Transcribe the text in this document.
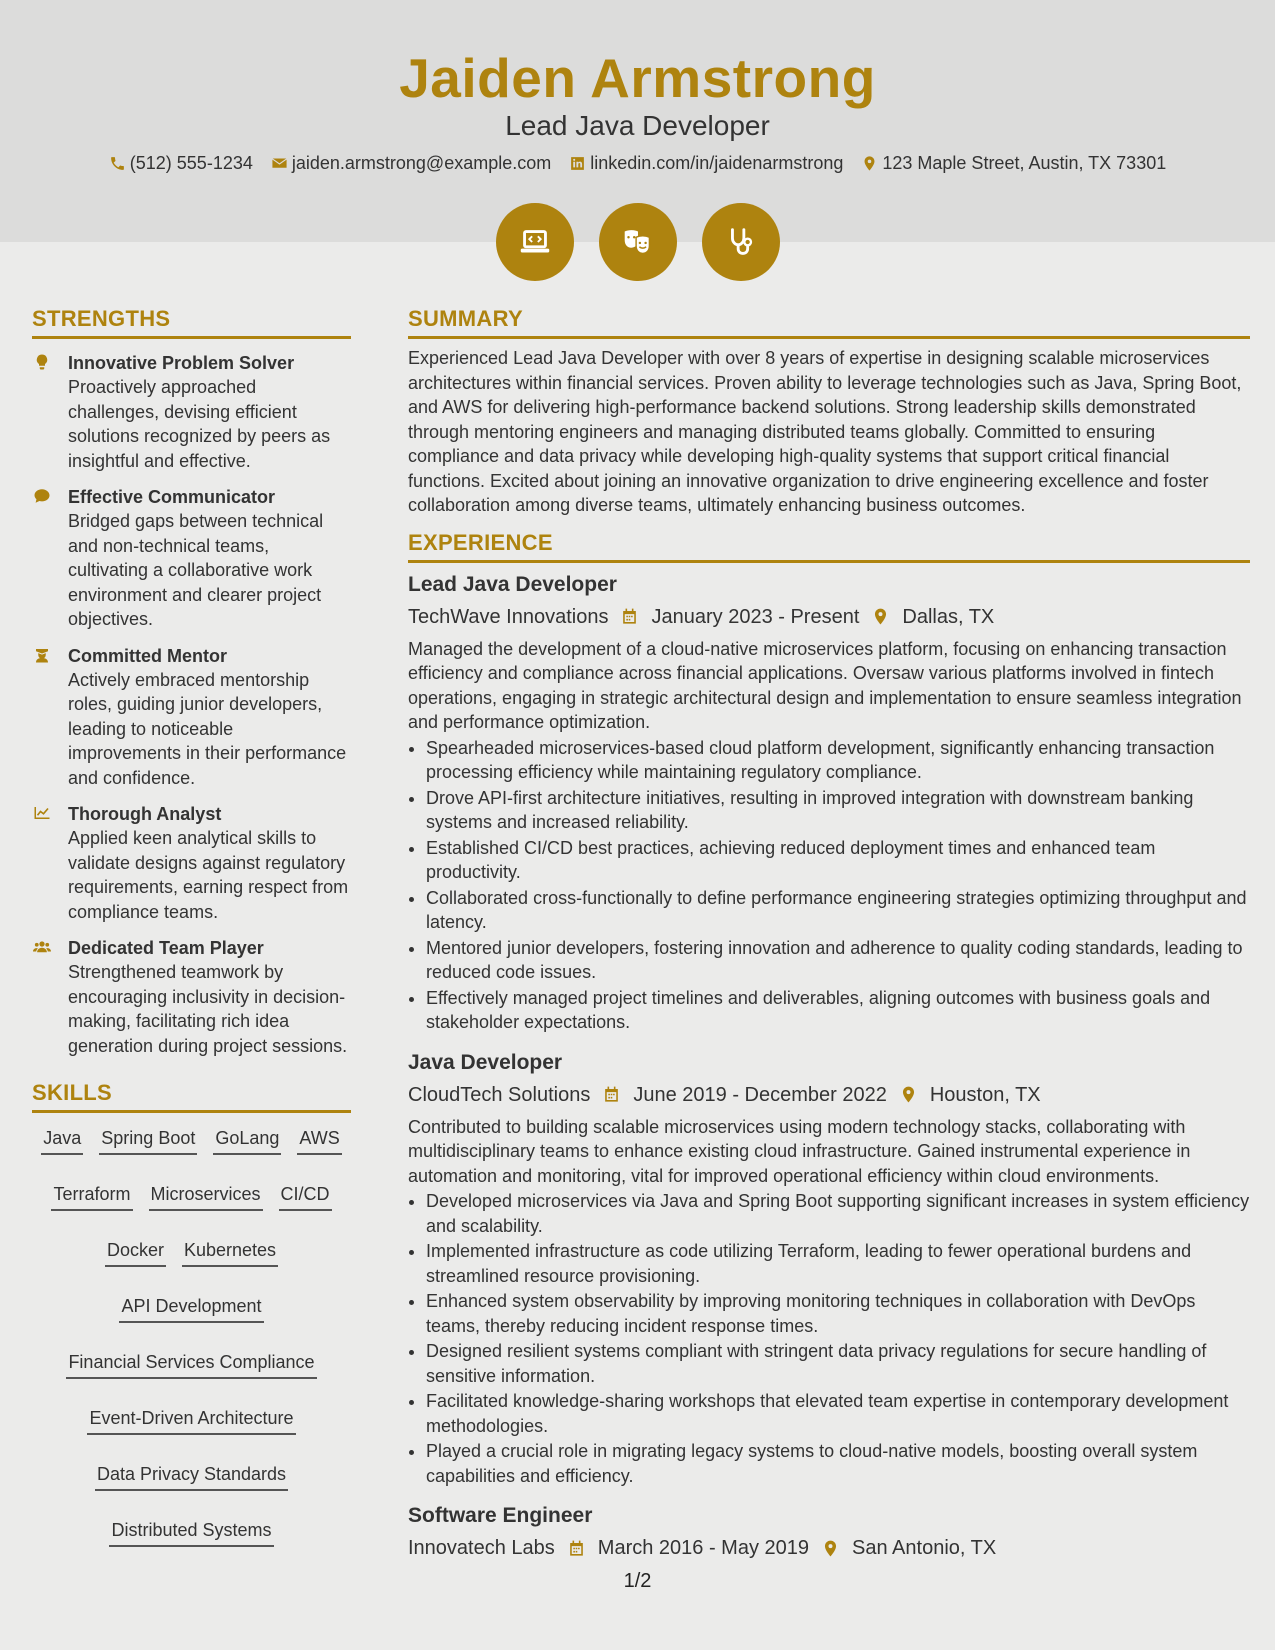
Jaiden Armstrong
Lead Java Developer
(512) 555-1234 jaiden.armstrong@example.com linkedin.com/in/jaidenarmstrong 123 Maple Street, Austin, TX 73301
STRENGTHS
Innovative Problem Solver
Proactively approached challenges, devising efficient solutions recognized by peers as insightful and effective.
Effective Communicator
Bridged gaps between technical and non-technical teams, cultivating a collaborative work environment and clearer project objectives.
Committed Mentor
Actively embraced mentorship roles, guiding junior developers, leading to noticeable improvements in their performance and confidence.
Thorough Analyst
Applied keen analytical skills to validate designs against regulatory requirements, earning respect from compliance teams.
Dedicated Team Player
Strengthened teamwork by encouraging inclusivity in decision-making, facilitating rich idea generation during project sessions.
SKILLS
Java Spring Boot GoLang AWS
Terraform Microservices CI/CD
Docker Kubernetes
API Development
Financial Services Compliance
Event-Driven Architecture
Data Privacy Standards
Distributed Systems
SUMMARY
Experienced Lead Java Developer with over 8 years of expertise in designing scalable microservices architectures within financial services. Proven ability to leverage technologies such as Java, Spring Boot, and AWS for delivering high-performance backend solutions. Strong leadership skills demonstrated through mentoring engineers and managing distributed teams globally. Committed to ensuring compliance and data privacy while developing high-quality systems that support critical financial functions. Excited about joining an innovative organization to drive engineering excellence and foster collaboration among diverse teams, ultimately enhancing business outcomes.
EXPERIENCE
Lead Java Developer
TechWave Innovations January 2023 - Present Dallas, TX
Managed the development of a cloud-native microservices platform, focusing on enhancing transaction efficiency and compliance across financial applications. Oversaw various platforms involved in fintech operations, engaging in strategic architectural design and implementation to ensure seamless integration and performance optimization.
• Spearheaded microservices-based cloud platform development, significantly enhancing transaction processing efficiency while maintaining regulatory compliance.
• Drove API-first architecture initiatives, resulting in improved integration with downstream banking systems and increased reliability.
• Established CI/CD best practices, achieving reduced deployment times and enhanced team productivity.
• Collaborated cross-functionally to define performance engineering strategies optimizing throughput and latency.
• Mentored junior developers, fostering innovation and adherence to quality coding standards, leading to reduced code issues.
• Effectively managed project timelines and deliverables, aligning outcomes with business goals and stakeholder expectations.
Java Developer
CloudTech Solutions June 2019 - December 2022 Houston, TX
Contributed to building scalable microservices using modern technology stacks, collaborating with multidisciplinary teams to enhance existing cloud infrastructure. Gained instrumental experience in automation and monitoring, vital for improved operational efficiency within cloud environments.
• Developed microservices via Java and Spring Boot supporting significant increases in system efficiency and scalability.
• Implemented infrastructure as code utilizing Terraform, leading to fewer operational burdens and streamlined resource provisioning.
• Enhanced system observability by improving monitoring techniques in collaboration with DevOps teams, thereby reducing incident response times.
• Designed resilient systems compliant with stringent data privacy regulations for secure handling of sensitive information.
• Facilitated knowledge-sharing workshops that elevated team expertise in contemporary development methodologies.
• Played a crucial role in migrating legacy systems to cloud-native models, boosting overall system capabilities and efficiency.
Software Engineer
Innovatech Labs March 2016 - May 2019 San Antonio, TX
1/2
